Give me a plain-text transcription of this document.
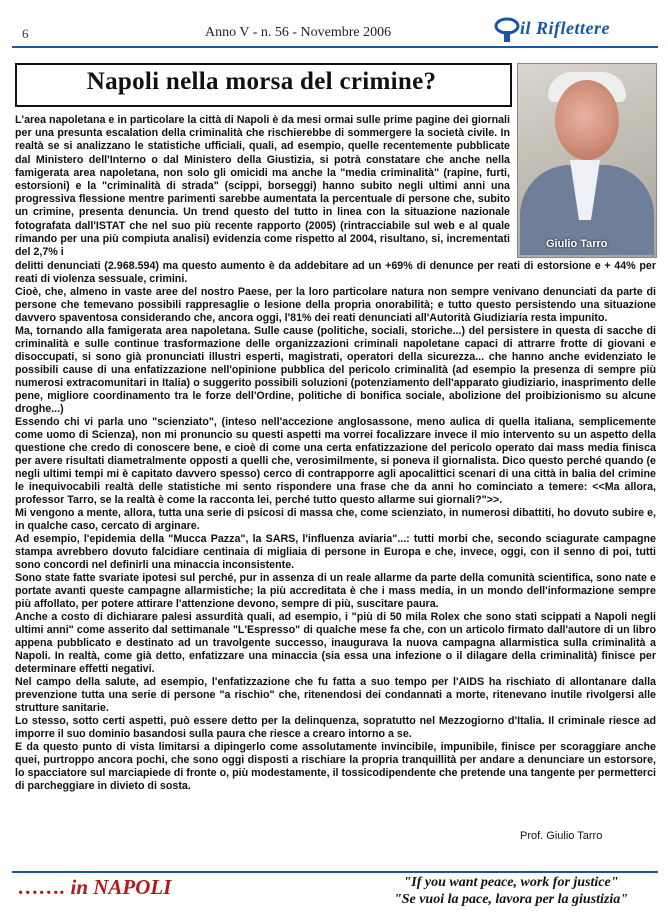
6	Anno V - n. 56 - Novembre 2006	il Riflettere
Napoli nella morsa del crimine?
Giulio Tarro

L'area napoletana e in particolare la città di Napoli è da mesi ormai sulle prime pagine dei giornali per una presunta escalation della criminalità che rischierebbe di sommergere la società civile. In realtà se si analizzano le statistiche ufficiali, quali, ad esempio, quelle recentemente pubblicate dal Ministero dell'Interno o dal Ministero della Giustizia, si potrà constatare che anche nella famigerata area napoletana, non solo gli omicidi ma anche la "media criminalità" (rapine, furti, estorsioni) e la "criminalità di strada" (scippi, borseggi) hanno subito negli ultimi anni una progressiva flessione mentre parimenti sarebbe aumentata la percentuale di persone che, subito un crimine, presenta denuncia. Un trend questo del tutto in linea con la situazione nazionale fotografata dall'ISTAT che nel suo più recente rapporto (2005) (rintracciabile sul web e al quale rimando per una più compiuta analisi) evidenzia come rispetto al 2004, risultano, si, incrementati del 2,7% i

delitti denunciati (2.968.594) ma questo aumento è da addebitare ad un +69% di denunce per reati di estorsione e + 44% per reati di violenza sessuale, crimini.

Cioè, che, almeno in vaste aree del nostro Paese, per la loro particolare natura non sempre venivano denunciati da parte di persone che temevano possibili rappresaglie o lesione della propria onorabilità; e tutto questo persistendo una situazione davvero spaventosa considerando che, ancora oggi, l'81% dei reati denunciati all'Autorità Giudiziaria resta impunito.

Ma, tornando alla famigerata area napoletana. Sulle cause (politiche, sociali, storiche...) del persistere in questa di sacche di criminalità e sulle continue trasformazione delle organizzazioni criminali napoletane capaci di attrarre frotte di giovani e disoccupati, si sono già pronunciati illustri esperti, magistrati, operatori della sicurezza... che hanno anche evidenziato le possibili cause di una enfatizzazione nell'opinione pubblica del pericolo criminalità (ad esempio la presenza di sempre più numerosi extracomunitari in Italia) o suggerito possibili soluzioni (potenziamento dell'apparato giudiziario, inasprimento delle pene, migliore coordinamento tra le forze dell'Ordine, politiche di bonifica sociale, abolizione del proibizionismo su alcune droghe...)

Essendo chi vi parla uno "scienziato", (inteso nell'accezione anglosassone, meno aulica di quella italiana, semplicemente come uomo di Scienza), non mi pronuncio su questi aspetti ma vorrei focalizzare invece il mio intervento su un aspetto della questione che credo di conoscere bene, e cioè di come una certa enfatizzazione del pericolo operato dai mass media finisca per avere risultati diametralmente opposti a quelli che, verosimilmente, si poneva il giornalista. Dico questo perché quando (e negli ultimi tempi mi è capitato davvero spesso) cerco di contrapporre agli apocalittici scenari di una città in balia del crimine le inequivocabili realtà delle statistiche mi sento rispondere una frase che da anni ho cominciato a temere: <<Ma allora, professor Tarro, se la realtà è come la racconta lei, perché tutto questo allarme sui giornali?">>.

Mi vengono a mente, allora, tutta una serie di psicosi di massa che, come scienziato, in numerosi dibattiti, ho dovuto subire e, in qualche caso, cercato di arginare.

Ad esempio, l'epidemia della "Mucca Pazza", la SARS, l'influenza aviaria"...: tutti morbi che, secondo sciagurate campagne stampa avrebbero dovuto falcidiare centinaia di migliaia di persone in Europa e che, invece, oggi, con il senno di poi, tutti sono concordi nel definirli una minaccia inconsistente.

Sono state fatte svariate ipotesi sul perché, pur in assenza di un reale allarme da parte della comunità scientifica, sono nate e portate avanti queste campagne allarmistiche; la più accreditata è che i mass media, in un mondo dell'informazione sempre più affollato, per potere attirare l'attenzione devono, sempre di più, suscitare paura.

Anche a costo di dichiarare palesi assurdità quali, ad esempio, i "più di 50 mila Rolex che sono stati scippati a Napoli negli ultimi anni" come asserito dal settimanale "L'Espresso" di qualche mese fa che, con un articolo firmato dall'autore di un libro appena pubblicato e destinato ad un travolgente successo, inaugurava la nuova campagna allarmistica sulla criminalità a Napoli. In realtà, come già detto, enfatizzare una minaccia (sia essa una infezione o il dilagare della criminalità) finisce per determinare effetti negativi.

Nel campo della salute, ad esempio, l'enfatizzazione che fu fatta a suo tempo per l'AIDS ha rischiato di allontanare dalla prevenzione tutta una serie di persone "a rischio" che, ritenendosi dei condannati a morte, ritenevano inutile rivolgersi alle strutture sanitarie.

Lo stesso, sotto certi aspetti, può essere detto per la delinquenza, sopratutto nel Mezzogiorno d'Italia. Il criminale riesce ad imporre il suo dominio basandosi sulla paura che riesce a crearo intorno a se.

E da questo punto di vista limitarsi a dipingerlo come assolutamente invincibile, impunibile, finisce per scoraggiare anche quei, purtroppo ancora pochi, che sono oggi disposti a rischiare la propria tranquillità per andare a denunciare un estorsore, lo spacciatore sul marciapiede di fronte o, più modestamente, il tossicodipendente che pretende una tangente per permetterci di parcheggiare in divieto di sosta.

Prof. Giulio Tarro
……. in NAPOLI	"If you want peace, work for justice"
"Se vuoi la pace, lavora per la giustizia"
